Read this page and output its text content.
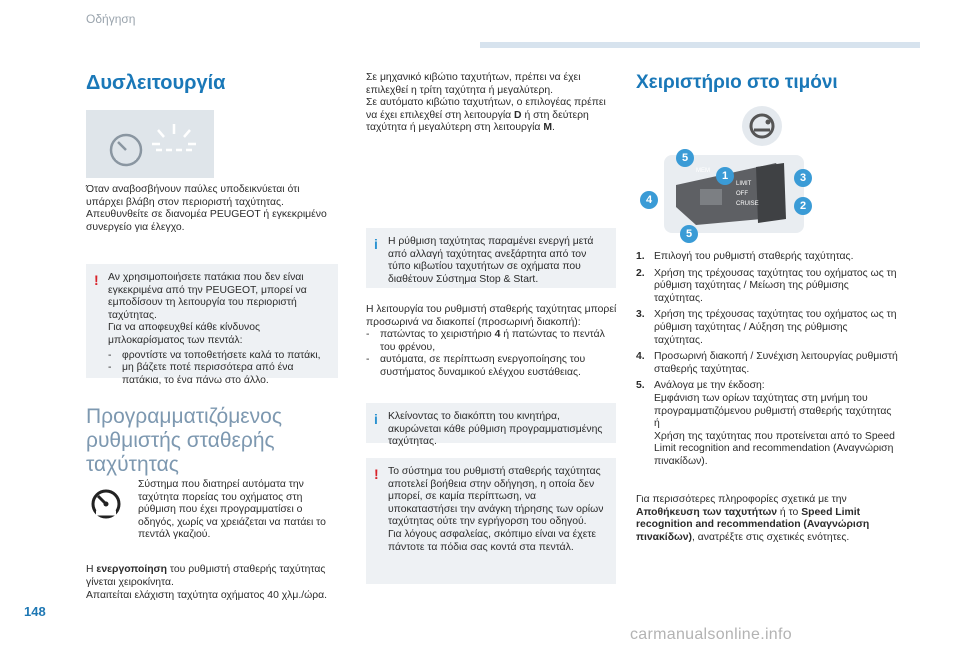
Οδήγηση
Δυσλειτουργία

Όταν αναβοσβήνουν παύλες υποδεικνύεται ότι υπάρχει βλάβη στον περιοριστή ταχύτητας. Απευθυνθείτε σε διανομέα PEUGEOT ή εγκεκριμένο συνεργείο για έλεγχο.

! Αν χρησιμοποιήσετε πατάκια που δεν είναι εγκεκριμένα από την PEUGEOT, μπορεί να εμποδίσουν τη λειτουργία του περιοριστή ταχύτητας.

Για να αποφευχθεί κάθε κίνδυνος μπλοκαρίσματος των πεντάλ:

- φροντίστε να τοποθετήσετε καλά το πατάκι,
- μη βάζετε ποτέ περισσότερα από ένα πατάκια, το ένα πάνω στο άλλο.
Προγραμματιζόμενος
ρυθμιστής σταθερής ταχύτητας

Σύστημα που διατηρεί αυτόματα την ταχύτητα πορείας του οχήματος στη ρύθμιση που έχει προγραμματίσει ο οδηγός, χωρίς να χρειάζεται να πατάει το πεντάλ γκαζιού.

Η ενεργοποίηση του ρυθμιστή σταθερής ταχύτητας γίνεται χειροκίνητα.

Απαιτείται ελάχιστη ταχύτητα οχήματος 40 χλμ./ώρα.

Σε μηχανικό κιβώτιο ταχυτήτων, πρέπει να έχει επιλεχθεί η τρίτη ταχύτητα ή μεγαλύτερη.

Σε αυτόματο κιβώτιο ταχυτήτων, ο επιλογέας πρέπει να έχει επιλεχθεί στη λειτουργία D ή στη δεύτερη ταχύτητα ή μεγαλύτερη στη λειτουργία M.

i Η ρύθμιση ταχύτητας παραμένει ενεργή μετά από αλλαγή ταχύτητας ανεξάρτητα από τον τύπο κιβωτίου ταχυτήτων σε οχήματα που διαθέτουν Σύστημα Stop & Start.

Η λειτουργία του ρυθμιστή σταθερής ταχύτητας μπορεί προσωρινά να διακοπεί (προσωρινή διακοπή):

- πατώντας το χειριστήριο 4 ή πατώντας το πεντάλ του φρένου,
- αυτόματα, σε περίπτωση ενεργοποίησης του συστήματος δυναμικού ελέγχου ευστάθειας.
i Κλείνοντας το διακόπτη του κινητήρα, ακυρώνεται κάθε ρύθμιση προγραμματισμένης ταχύτητας.

! Το σύστημα του ρυθμιστή σταθερής ταχύτητας αποτελεί βοήθεια στην οδήγηση, η οποία δεν μπορεί, σε καμία περίπτωση, να υποκαταστήσει την ανάγκη τήρησης των ορίων ταχύτητας ούτε την εγρήγορση του οδηγού.

Για λόγους ασφαλείας, σκόπιμο είναι να έχετε πάντοτε τα πόδια σας κοντά στα πεντάλ.

Χειριστήριο στο τιμόνι
MEM
LIMIT
OFF
CRUISE
1
2
3
4
5
5
1. Επιλογή του ρυθμιστή σταθερής ταχύτητας.
2. Χρήση της τρέχουσας ταχύτητας του οχήματος ως τη ρύθμιση ταχύτητας / Μείωση της ρύθμισης ταχύτητας.
3. Χρήση της τρέχουσας ταχύτητας του οχήματος ως τη ρύθμιση ταχύτητας / Αύξηση της ρύθμισης ταχύτητας.
4. Προσωρινή διακοπή / Συνέχιση λειτουργίας ρυθμιστή σταθερής ταχύτητας.
5. Ανάλογα με την έκδοση:
Εμφάνιση των ορίων ταχύτητας στη μνήμη του προγραμματιζόμενου ρυθμιστή σταθερής ταχύτητας
ή
Χρήση της ταχύτητας που προτείνεται από το Speed Limit recognition and recommendation (Αναγνώριση πινακίδων).

Για περισσότερες πληροφορίες σχετικά με την Αποθήκευση των ταχυτήτων ή το Speed Limit recognition and recommendation (Αναγνώριση πινακίδων), ανατρέξτε στις σχετικές ενότητες.

148
carmanualsonline.info
